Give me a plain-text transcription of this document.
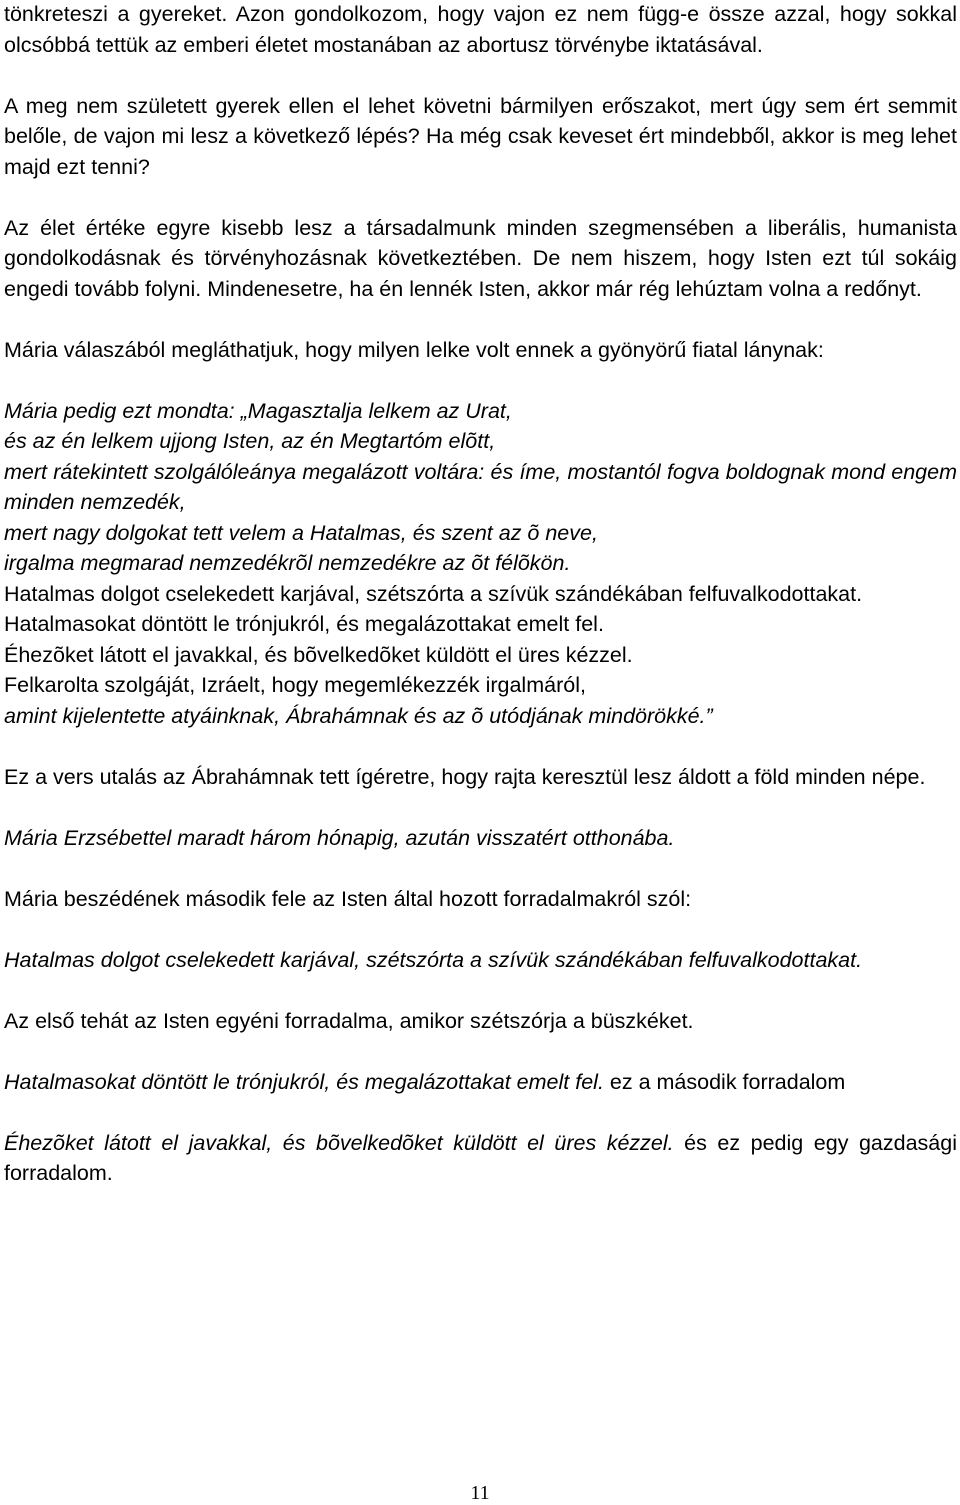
tönkreteszi a gyereket. Azon gondolkozom, hogy vajon ez nem függ-e össze azzal, hogy sokkal olcsóbbá tettük az emberi életet mostanában az abortusz törvénybe iktatásával.

A meg nem született gyerek ellen el lehet követni bármilyen erőszakot, mert úgy sem ért semmit belőle, de vajon mi lesz a következő lépés? Ha még csak keveset ért mindebből, akkor is meg lehet majd ezt tenni?

Az élet értéke egyre kisebb lesz a társadalmunk minden szegmensében a liberális, humanista gondolkodásnak és törvényhozásnak következtében. De nem hiszem, hogy Isten ezt túl sokáig engedi tovább folyni. Mindenesetre, ha én lennék Isten, akkor már rég lehúztam volna a redőnyt.

Mária válaszából megláthatjuk, hogy milyen lelke volt ennek a gyönyörű fiatal lánynak:

Mária pedig ezt mondta: „Magasztalja lelkem az Urat,

és az én lelkem ujjong Isten, az én Megtartóm elõtt,

mert rátekintett szolgálóleánya megalázott voltára: és íme, mostantól fogva boldognak mond engem minden nemzedék,

mert nagy dolgokat tett velem a Hatalmas, és szent az õ neve,

irgalma megmarad nemzedékrõl nemzedékre az õt félõkön.

Hatalmas dolgot cselekedett karjával, szétszórta a szívük szándékában felfuvalkodottakat.

Hatalmasokat döntött le trónjukról, és megalázottakat emelt fel.

Éhezõket látott el javakkal, és bõvelkedõket küldött el üres kézzel.

Felkarolta szolgáját, Izráelt, hogy megemlékezzék irgalmáról,

amint kijelentette atyáinknak, Ábrahámnak és az õ utódjának mindörökké.”

Ez a vers utalás az Ábrahámnak tett ígéretre, hogy rajta keresztül lesz áldott a föld minden népe.

Mária Erzsébettel maradt három hónapig, azután visszatért otthonába.

Mária beszédének második fele az Isten által hozott forradalmakról szól:

Hatalmas dolgot cselekedett karjával, szétszórta a szívük szándékában felfuvalkodottakat.

Az első tehát az Isten egyéni forradalma, amikor szétszórja a büszkéket.

Hatalmasokat döntött le trónjukról, és megalázottakat emelt fel. ez a második forradalom

Éhezõket látott el javakkal, és bõvelkedõket küldött el üres kézzel. és ez pedig egy gazdasági forradalom.

11
